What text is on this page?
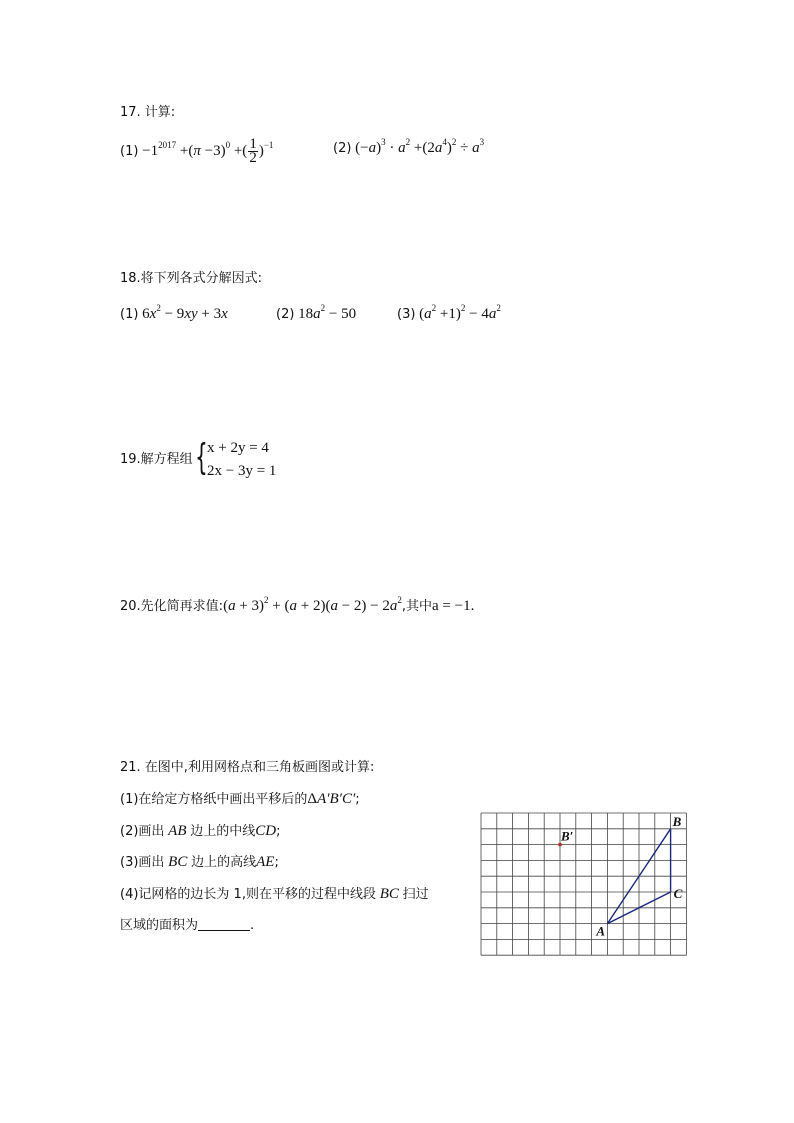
17. 计算:
$(1) -1^{2017} +(\pi -3)^0$ +( $\frac{1}{2} )^{-1}$	(2) $(-a)^3 \cdot a^2 +(2a^4)^2 \div a^3$
18.将下列各式分解因式:
(1) $6x^2 - 9xy + 3x$	(2) $18a^2 - 50$	(3) $(a^2 +1)^2 - 4a^2$
19.解方程组 { x + 2y = 4
2x − 3y = 1
20.先化简再求值:(a + $3)^2 + (a + 2)(a - 2) - 2a^2$,其中a = −1.
21. 在图中,利用网格点和三角板画图或计算:
(1)在给定方格纸中画出平移后的ΔA′B′C′;
(2)画出 AB 边上的中线CD;
(3)画出 BC 边上的高线AE;
(4)记网格的边长为 1,则在平移的过程中线段 BC 扫过
区域的面积为	.	A
B
C
B′
